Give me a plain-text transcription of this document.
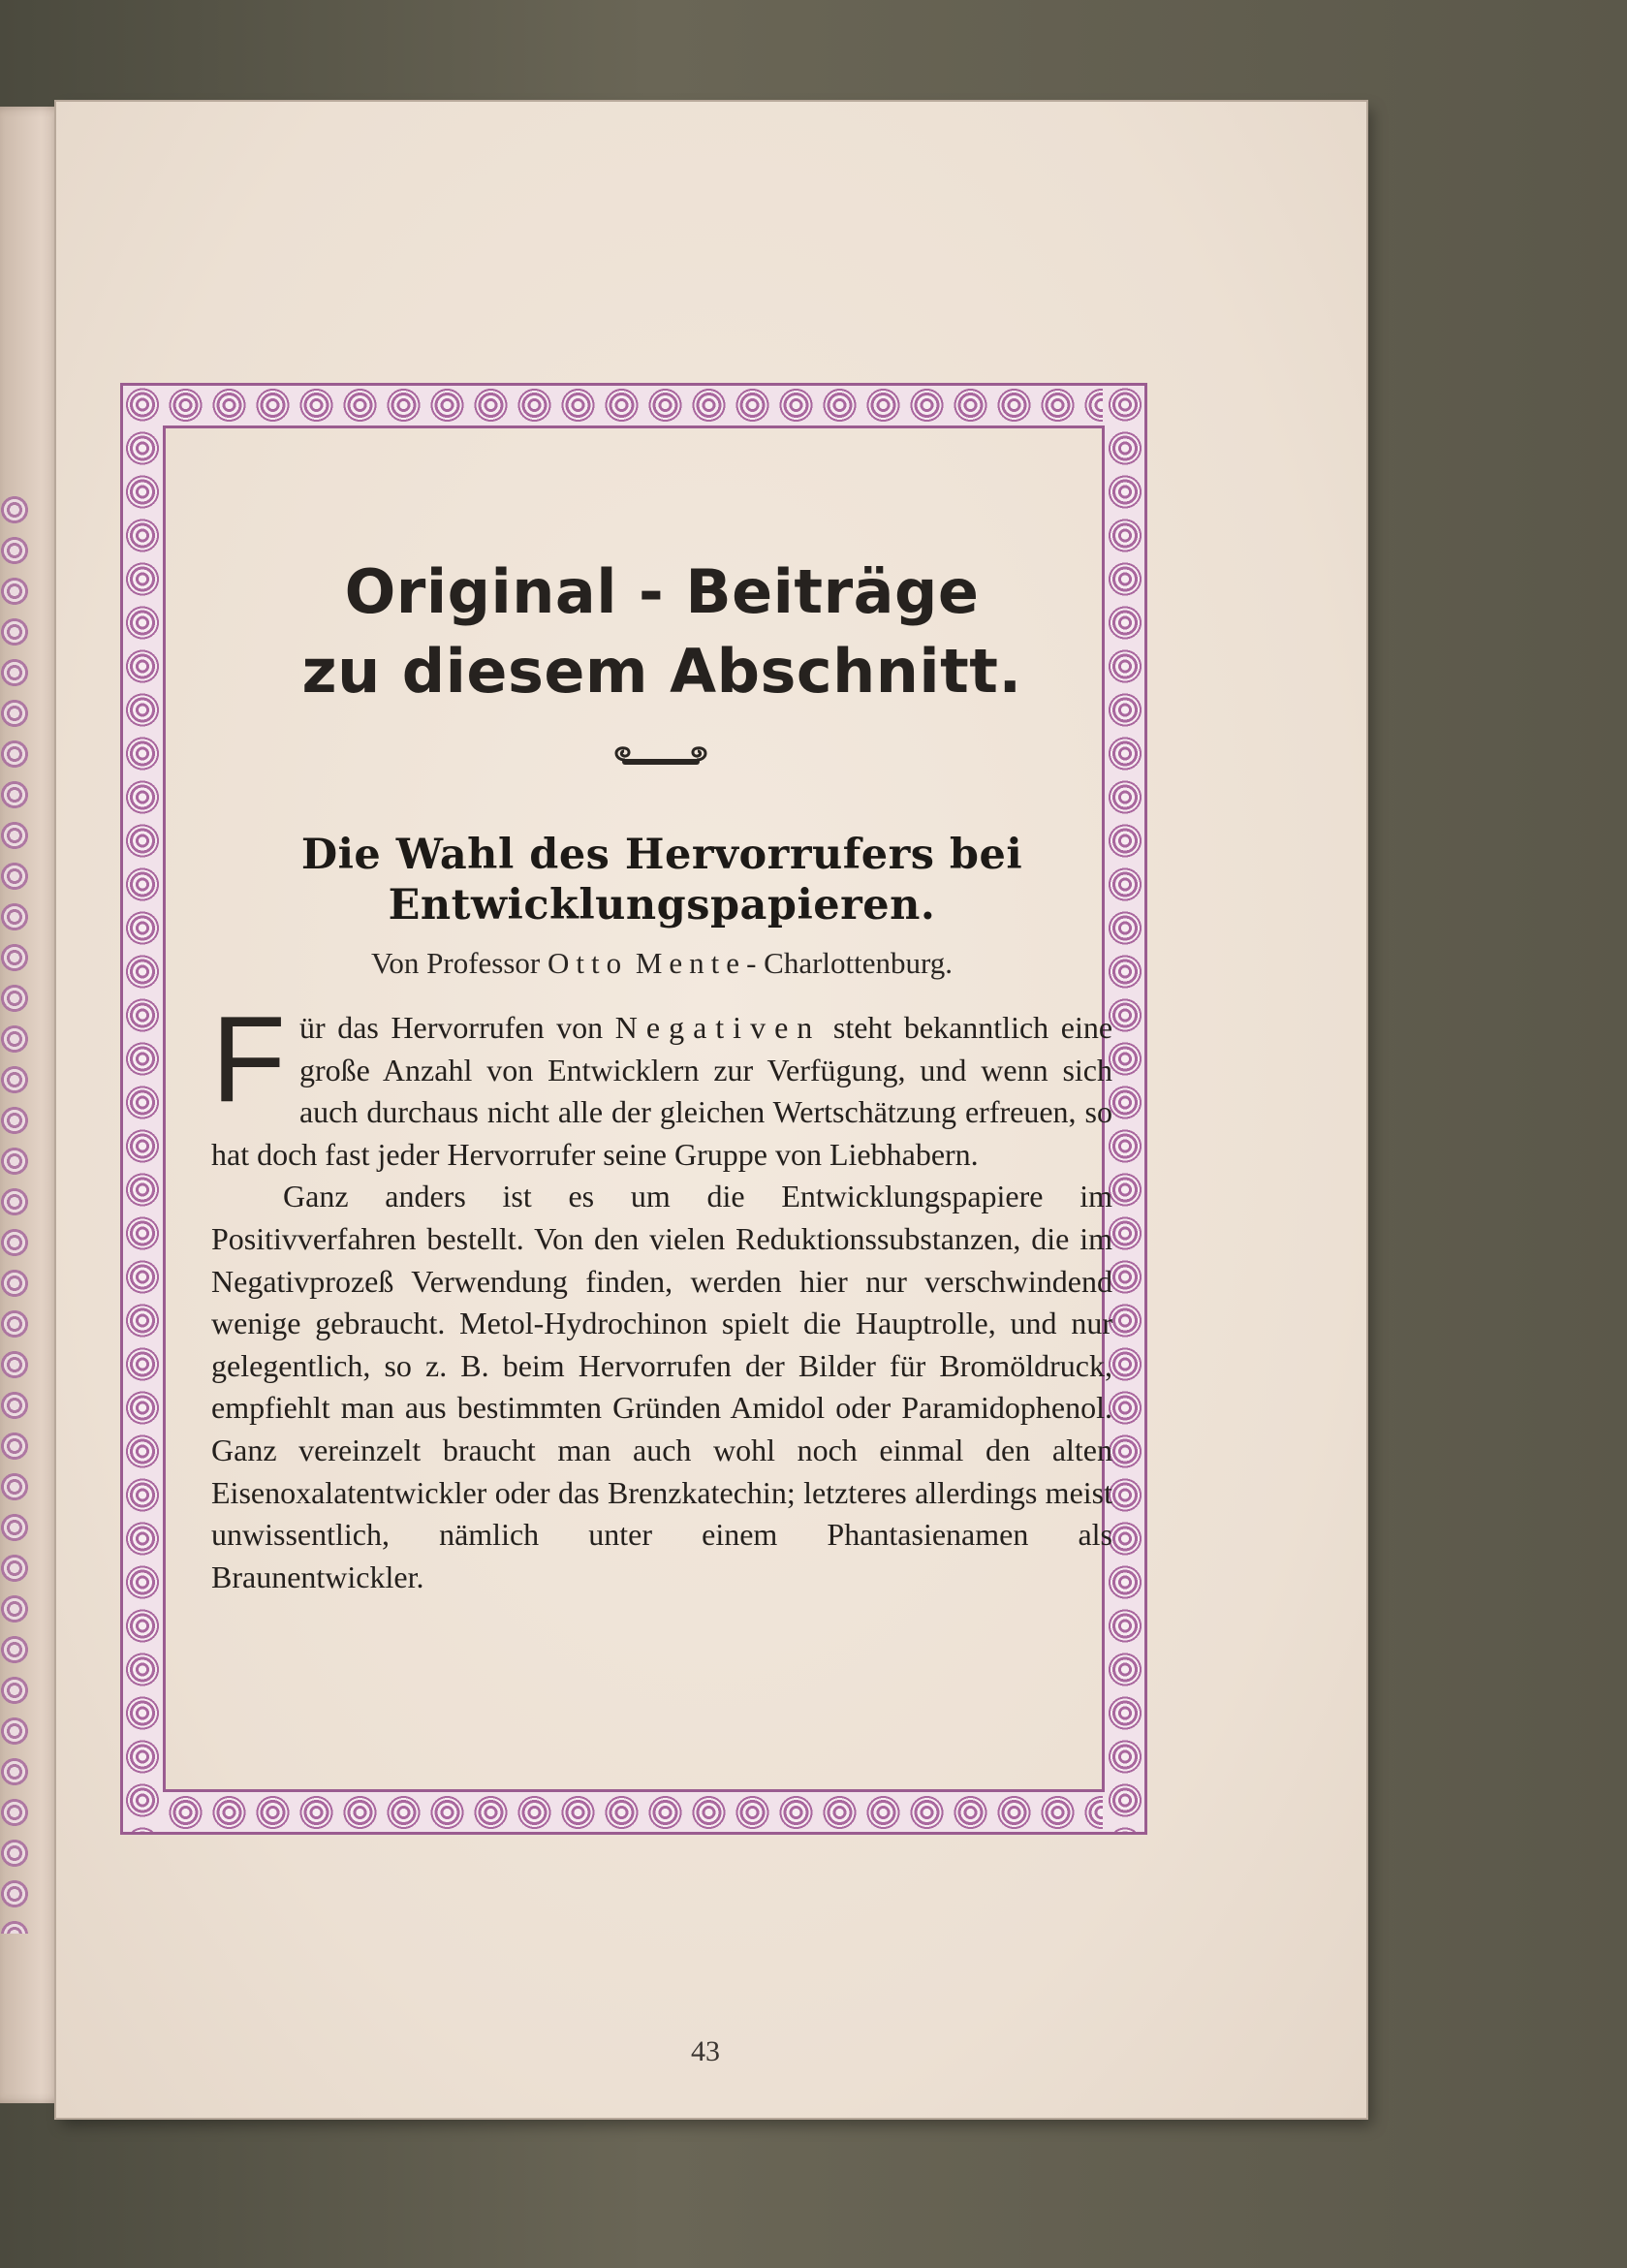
43
Original - Beiträge
zu diesem Abschnitt.
Die Wahl des Hervorrufers bei
Entwicklungspapieren.
Von Professor Otto Mente- Charlottenburg.

Für das Hervorrufen von Negativen steht bekanntlich eine große Anzahl von Entwicklern zur Verfügung, und wenn sich auch durchaus nicht alle der gleichen Wertschätzung erfreuen, so hat doch fast jeder Hervorrufer seine Gruppe von Liebhabern.

Ganz anders ist es um die Entwicklungspapiere im Positivverfahren bestellt. Von den vielen Reduktionssubstanzen, die im Negativprozeß Verwendung finden, werden hier nur verschwindend wenige gebraucht. Metol-Hydrochinon spielt die Hauptrolle, und nur gelegentlich, so z. B. beim Hervorrufen der Bilder für Bromöldruck, empfiehlt man aus bestimmten Gründen Amidol oder Paramidophenol. Ganz vereinzelt braucht man auch wohl noch einmal den alten Eisenoxalatentwickler oder das Brenzkatechin; letzteres allerdings meist unwissentlich, nämlich unter einem Phantasienamen als Braunentwickler.
